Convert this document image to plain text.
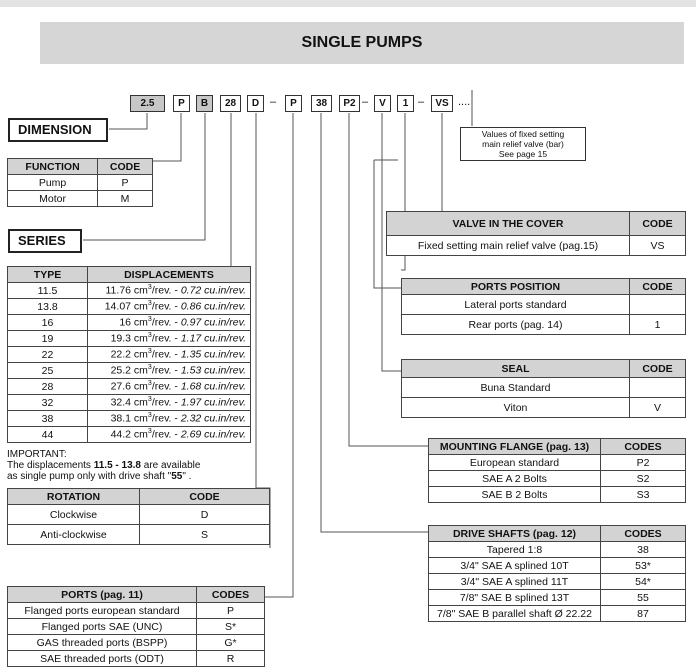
SINGLE PUMPS
2.5	P	B	28	D –	P	38	P2 –	V	1 –	VS ....
Values of fixed setting
main relief valve (bar)
See page 15
DIMENSION
FUNCTION	CODE
Pump	P
Motor	M
SERIES
TYPE	DISPLACEMENTS
11.5	11.76 $cm^3$/rev. - 0.72 cu.in/rev.
13.8	14.07 $cm^3$/rev. - 0.86 cu.in/rev.
16	16 $cm^3$/rev. - 0.97 cu.in/rev.
19	19.3 $cm^3$/rev. - 1.17 cu.in/rev.
22	22.2 $cm^3$/rev. - 1.35 cu.in/rev.
25	25.2 $cm^3$/rev. - 1.53 cu.in/rev.
28	27.6 $cm^3$/rev. - 1.68 cu.in/rev.
32	32.4 $cm^3$/rev. - 1.97 cu.in/rev.
38	38.1 $cm^3$/rev. - 2.32 cu.in/rev.
44	44.2 $cm^3$/rev. - 2.69 cu.in/rev.
IMPORTANT:
The displacements 11.5 - 13.8 are available
as single pump only with drive shaft "55" .
ROTATION	CODE
Clockwise	D
Anti-clockwise	S
PORTS (pag. 11)	CODES
Flanged ports european standard	P
Flanged ports SAE (UNC)	S*
GAS threaded ports (BSPP)	G*
SAE threaded ports (ODT)	R
VALVE IN THE COVER	CODE
Fixed setting main relief valve (pag.15)	VS
PORTS POSITION	CODE
Lateral ports standard	
Rear ports (pag. 14)	1
SEAL	CODE
Buna Standard	
Viton	V
MOUNTING FLANGE (pag. 13)	CODES
European standard	P2
SAE A 2 Bolts	S2
SAE B 2 Bolts	S3
DRIVE SHAFTS (pag. 12)	CODES
Tapered 1:8	38
3/4" SAE A splined 10T	53*
3/4" SAE A splined 11T	54*
7/8" SAE B splined 13T	55
7/8" SAE B parallel shaft Ø 22.22	87
